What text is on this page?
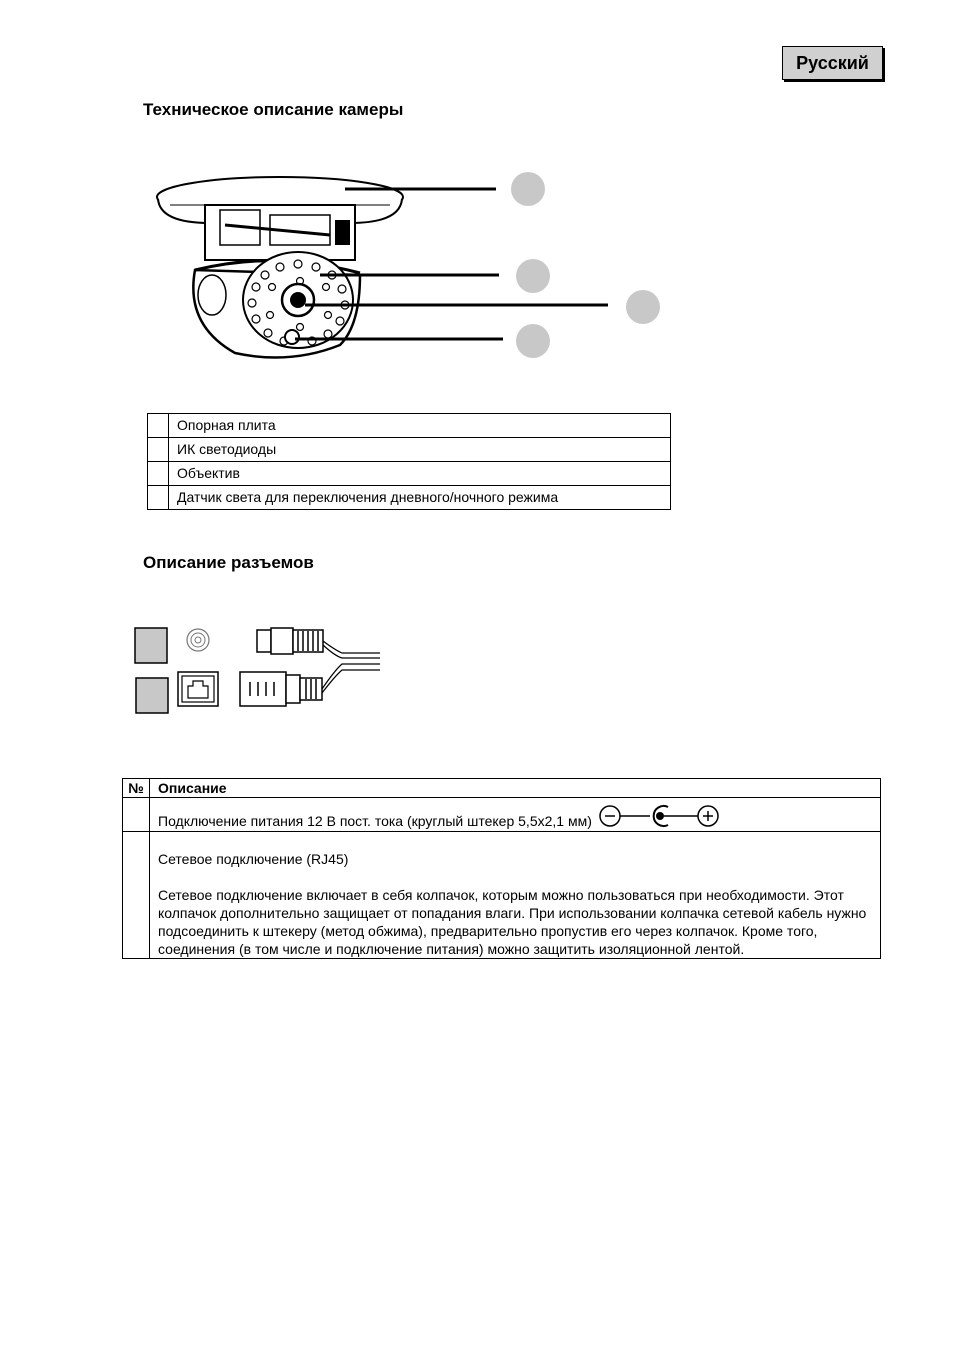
Русский
Техническое описание камеры
	Опорная плита
	ИК светодиоды
	Объектив
	Датчик света для переключения дневного/ночного режима
Описание разъемов
№	Описание
	Подключение питания 12 В пост. тока (круглый штекер 5,5x2,1 мм)

	Сетевое подключение (RJ45)

Сетевое подключение включает в себя колпачок, которым можно пользоваться при необходимости. Этот колпачок дополнительно защищает от попадания влаги. При использовании колпачка сетевой кабель нужно подсоединить к штекеру (метод обжима), предварительно пропустив его через колпачок. Кроме того, соединения (в том числе и подключение питания) можно защитить изоляционной лентой.
